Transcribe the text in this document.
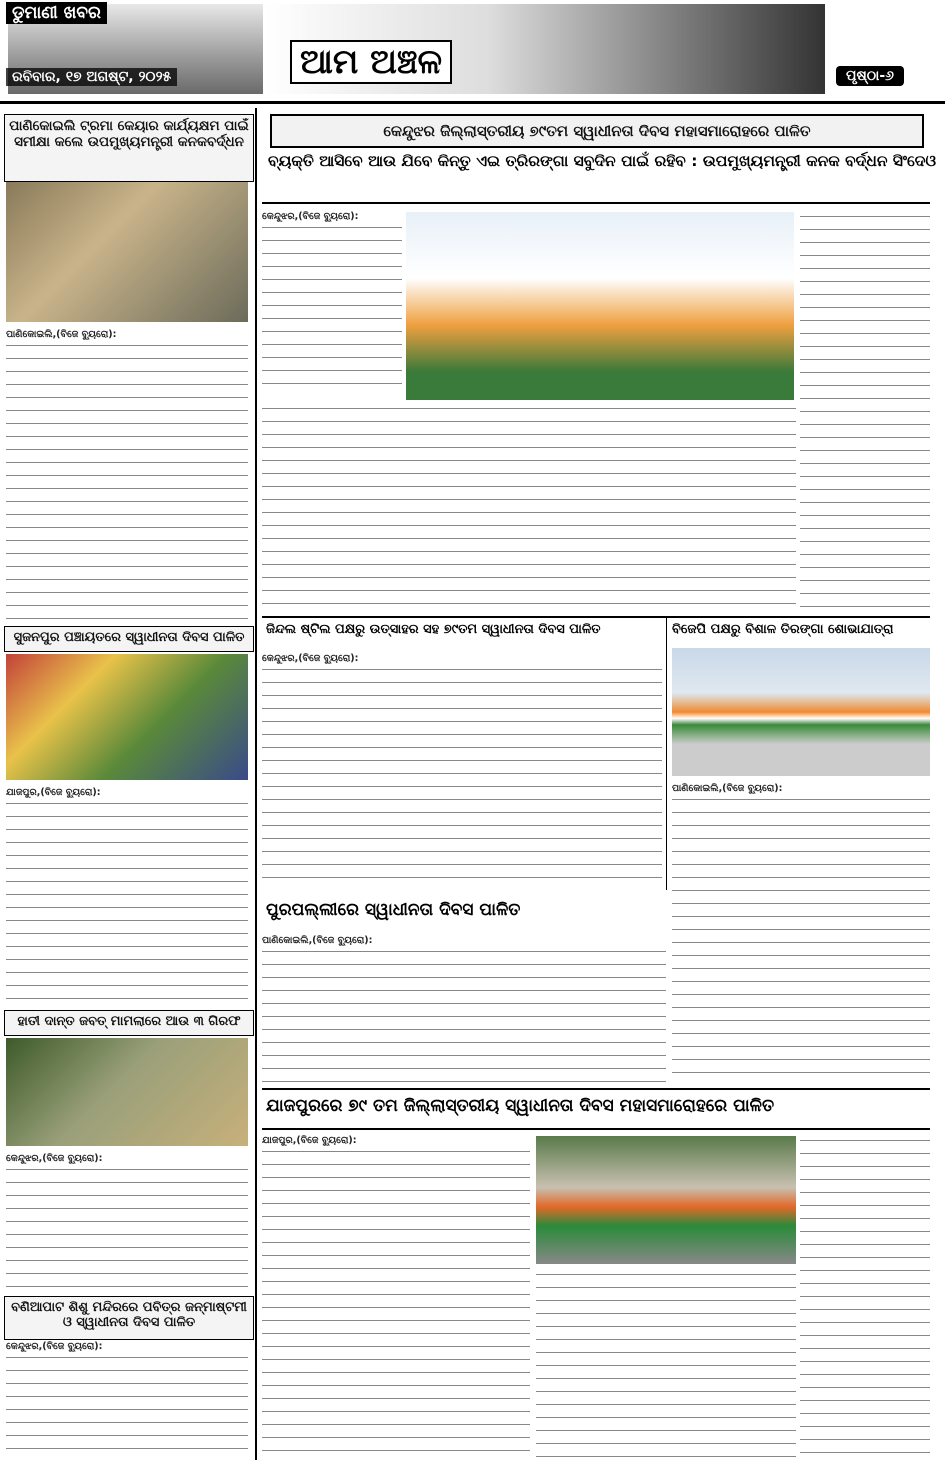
ଡୁମାଣୀ ଖବର
ରବିବାର, ୧୭ ଅଗଷ୍ଟ, ୨୦୨୫	ଆମ ଅଞ୍ଚଳ	ପୃଷ୍ଠା-୬
ପାଣିକୋଇଲି ଟ୍ରମା କେୟାର କାର୍ଯ୍ୟକ୍ଷମ ପାଇଁ ସମୀକ୍ଷା କଲେ ଉପମୁଖ୍ୟମନ୍ତ୍ରୀ କନକବର୍ଦ୍ଧନ
ପାଣିକୋଇଲି,(ବିଜେ ବ୍ୟୁରୋ):
ସୁଜନପୁର ପଞ୍ଚାୟତରେ ସ୍ୱାଧୀନତା ଦିବସ ପାଳିତ
ଯାଜପୁର,(ବିଜେ ବ୍ୟୁରୋ):
ହାତୀ ଦାନ୍ତ ଜବତ୍ ମାମଲାରେ ଆଉ ୩ ଗିରଫ
କେନ୍ଦୁଝର,(ବିଜେ ବ୍ୟୁରୋ):
ବଣିଆପାଟ ଶିଶୁ ମନ୍ଦିରରେ ପବିତ୍ର ଜନ୍ମାଷ୍ଟମୀ ଓ ସ୍ୱାଧୀନତା ଦିବସ ପାଳିତ
କେନ୍ଦୁଝର,(ବିଜେ ବ୍ୟୁରୋ):
କେନ୍ଦୁଝର ଜିଲ୍ଲାସ୍ତରୀୟ ୭୯ତମ ସ୍ୱାଧୀନତା ଦିବସ ମହାସମାରୋହରେ ପାଳିତ
ବ୍ୟକ୍ତି ଆସିବେ ଆଉ ଯିବେ କିନ୍ତୁ ଏଇ ତ୍ରିରଙ୍ଗା ସବୁଦିନ ପାଇଁ ରହିବ : ଉପମୁଖ୍ୟମନ୍ତ୍ରୀ କନକ ବର୍ଦ୍ଧନ ସିଂଦେଓ
କେନ୍ଦୁଝର,(ବିଜେ ବ୍ୟୁରୋ):
ଜିନ୍ଦଲ ଷ୍ଟିଲ ପକ୍ଷରୁ ଉତ୍ସାହର ସହ ୭୯ତମ ସ୍ୱାଧୀନତା ଦିବସ ପାଳିତ	ବିଜେପି ପକ୍ଷରୁ ବିଶାଳ ତିରଙ୍ଗା ଶୋଭାଯାତ୍ରା
କେନ୍ଦୁଝର,(ବିଜେ ବ୍ୟୁରୋ):
ପାଣିକୋଇଲି,(ବିଜେ ବ୍ୟୁରୋ):
ପୁରପଲ୍ଲୀରେ ସ୍ୱାଧୀନତା ଦିବସ ପାଳିତ
ପାଣିକୋଇଲି,(ବିଜେ ବ୍ୟୁରୋ):
ଯାଜପୁରରେ ୭୯ ତମ ଜିଲ୍ଲାସ୍ତରୀୟ ସ୍ୱାଧୀନତା ଦିବସ ମହାସମାରୋହରେ ପାଳିତ
ଯାଜପୁର,(ବିଜେ ବ୍ୟୁରୋ):
